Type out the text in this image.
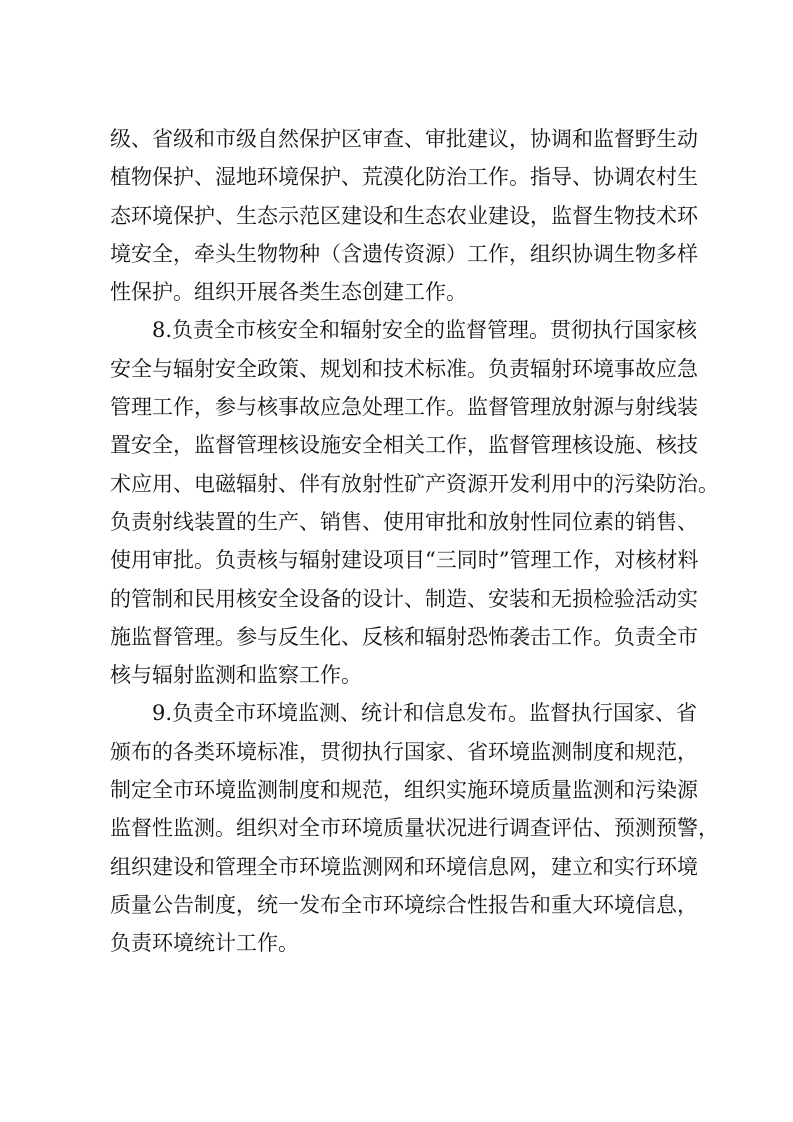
级、省级和市级自然保护区审查、审批建议，协调和监督野生动
植物保护、湿地环境保护、荒漠化防治工作。指导、协调农村生
态环境保护、生态示范区建设和生态农业建设，监督生物技术环
境安全，牵头生物物种（含遗传资源）工作，组织协调生物多样
性保护。组织开展各类生态创建工作。
8.负责全市核安全和辐射安全的监督管理。贯彻执行国家核
安全与辐射安全政策、规划和技术标准。负责辐射环境事故应急
管理工作，参与核事故应急处理工作。监督管理放射源与射线装
置安全，监督管理核设施安全相关工作，监督管理核设施、核技
术应用、电磁辐射、伴有放射性矿产资源开发利用中的污染防治。
负责射线装置的生产、销售、使用审批和放射性同位素的销售、
使用审批。负责核与辐射建设项目“三同时”管理工作，对核材料
的管制和民用核安全设备的设计、制造、安装和无损检验活动实
施监督管理。参与反生化、反核和辐射恐怖袭击工作。负责全市
核与辐射监测和监察工作。
9.负责全市环境监测、统计和信息发布。监督执行国家、省
颁布的各类环境标准，贯彻执行国家、省环境监测制度和规范，
制定全市环境监测制度和规范，组织实施环境质量监测和污染源
监督性监测。组织对全市环境质量状况进行调查评估、预测预警，
组织建设和管理全市环境监测网和环境信息网，建立和实行环境
质量公告制度，统一发布全市环境综合性报告和重大环境信息，
负责环境统计工作。
